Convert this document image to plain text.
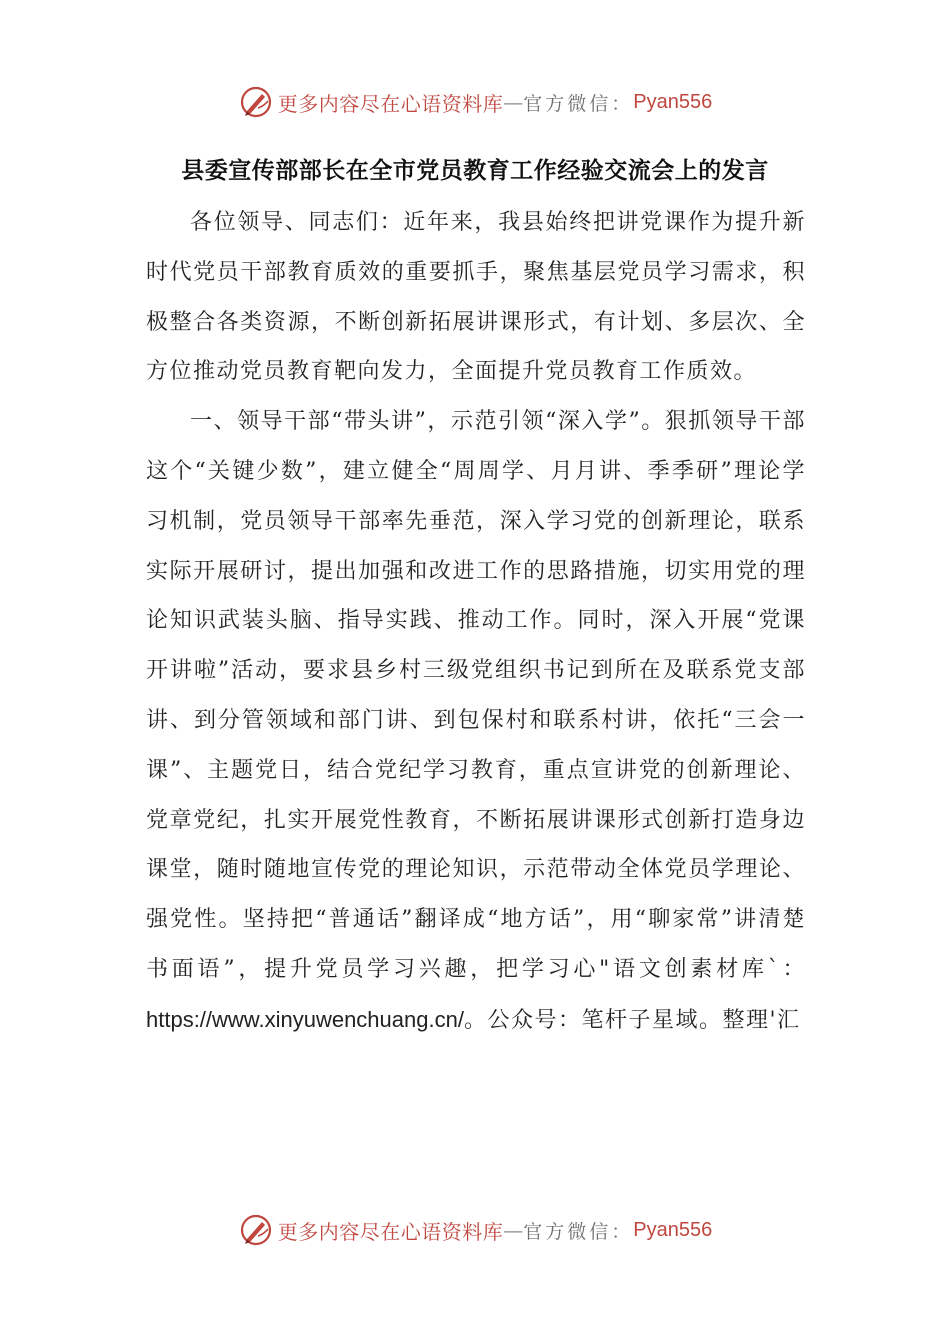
更多内容尽在心语资料库 — 官方微信： Pyan556
县委宣传部部长在全市党员教育工作经验交流会上的发言

各位领导、同志们：近年来，我县始终把讲党课作为提升新时代党员干部教育质效的重要抓手，聚焦基层党员学习需求，积极整合各类资源，不断创新拓展讲课形式，有计划、多层次、全方位推动党员教育靶向发力，全面提升党员教育工作质效。

一、领导干部“带头讲”，示范引领“深入学”。狠抓领导干部这个“关键少数”，建立健全“周周学、月月讲、季季研”理论学习机制，党员领导干部率先垂范，深入学习党的创新理论，联系实际开展研讨，提出加强和改进工作的思路措施，切实用党的理论知识武装头脑、指导实践、推动工作。同时，深入开展“党课开讲啦”活动，要求县乡村三级党组织书记到所在及联系党支部讲、到分管领域和部门讲、到包保村和联系村讲，依托“三会一课”、主题党日，结合党纪学习教育，重点宣讲党的创新理论、党章党纪，扎实开展党性教育，不断拓展讲课形式创新打造身边课堂，随时随地宣传党的理论知识，示范带动全体党员学理论、强党性。坚持把“普通话”翻译成“地方话”，用“聊家常”讲清楚书面语”，提升党员学习兴趣，把学习心"语文创素材库`：https://www.xinyuwenchuang.cn/。公众号：笔杆子星域。整理'汇

更多内容尽在心语资料库 — 官方微信： Pyan556
